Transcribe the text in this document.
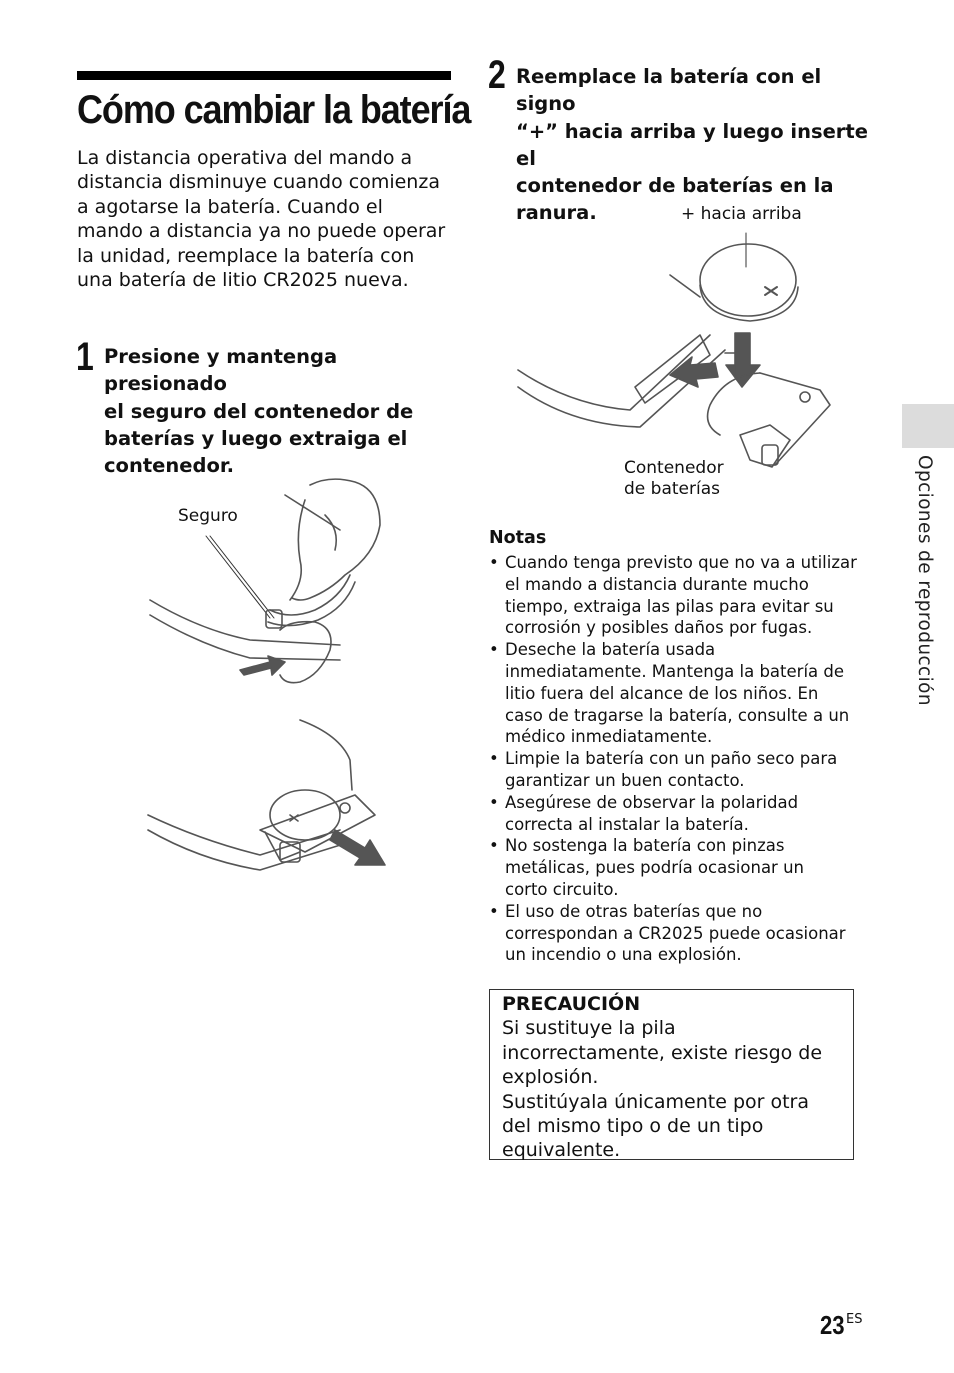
Cómo cambiar la batería
La distancia operativa del mando a distancia disminuye cuando comienza a agotarse la batería. Cuando el mando a distancia ya no puede operar la unidad, reemplace la batería con una batería de litio CR2025 nueva.
1 Presione y mantenga presionado
el seguro del contenedor de
baterías y luego extraiga el
contenedor.
Seguro
2 Reemplace la batería con el signo
“+” hacia arriba y luego inserte el
contenedor de baterías en la
ranura.	+ hacia arriba
Contenedor
de baterías
Notas
• Cuando tenga previsto que no va a utilizar
el mando a distancia durante mucho
tiempo, extraiga las pilas para evitar su
corrosión y posibles daños por fugas.
• Deseche la batería usada
inmediatamente. Mantenga la batería de
litio fuera del alcance de los niños. En
caso de tragarse la batería, consulte a un
médico inmediatamente.
• Limpie la batería con un paño seco para
garantizar un buen contacto.
• Asegúrese de observar la polaridad
correcta al instalar la batería.
• No sostenga la batería con pinzas
metálicas, pues podría ocasionar un
corto circuito.
• El uso de otras baterías que no
correspondan a CR2025 puede ocasionar
un incendio o una explosión.
PRECAUCIÓN
Si sustituye la pila
incorrectamente, existe riesgo de
explosión.
Sustitúyala únicamente por otra
del mismo tipo o de un tipo
equivalente.
Opciones de reproducción
23 ES
